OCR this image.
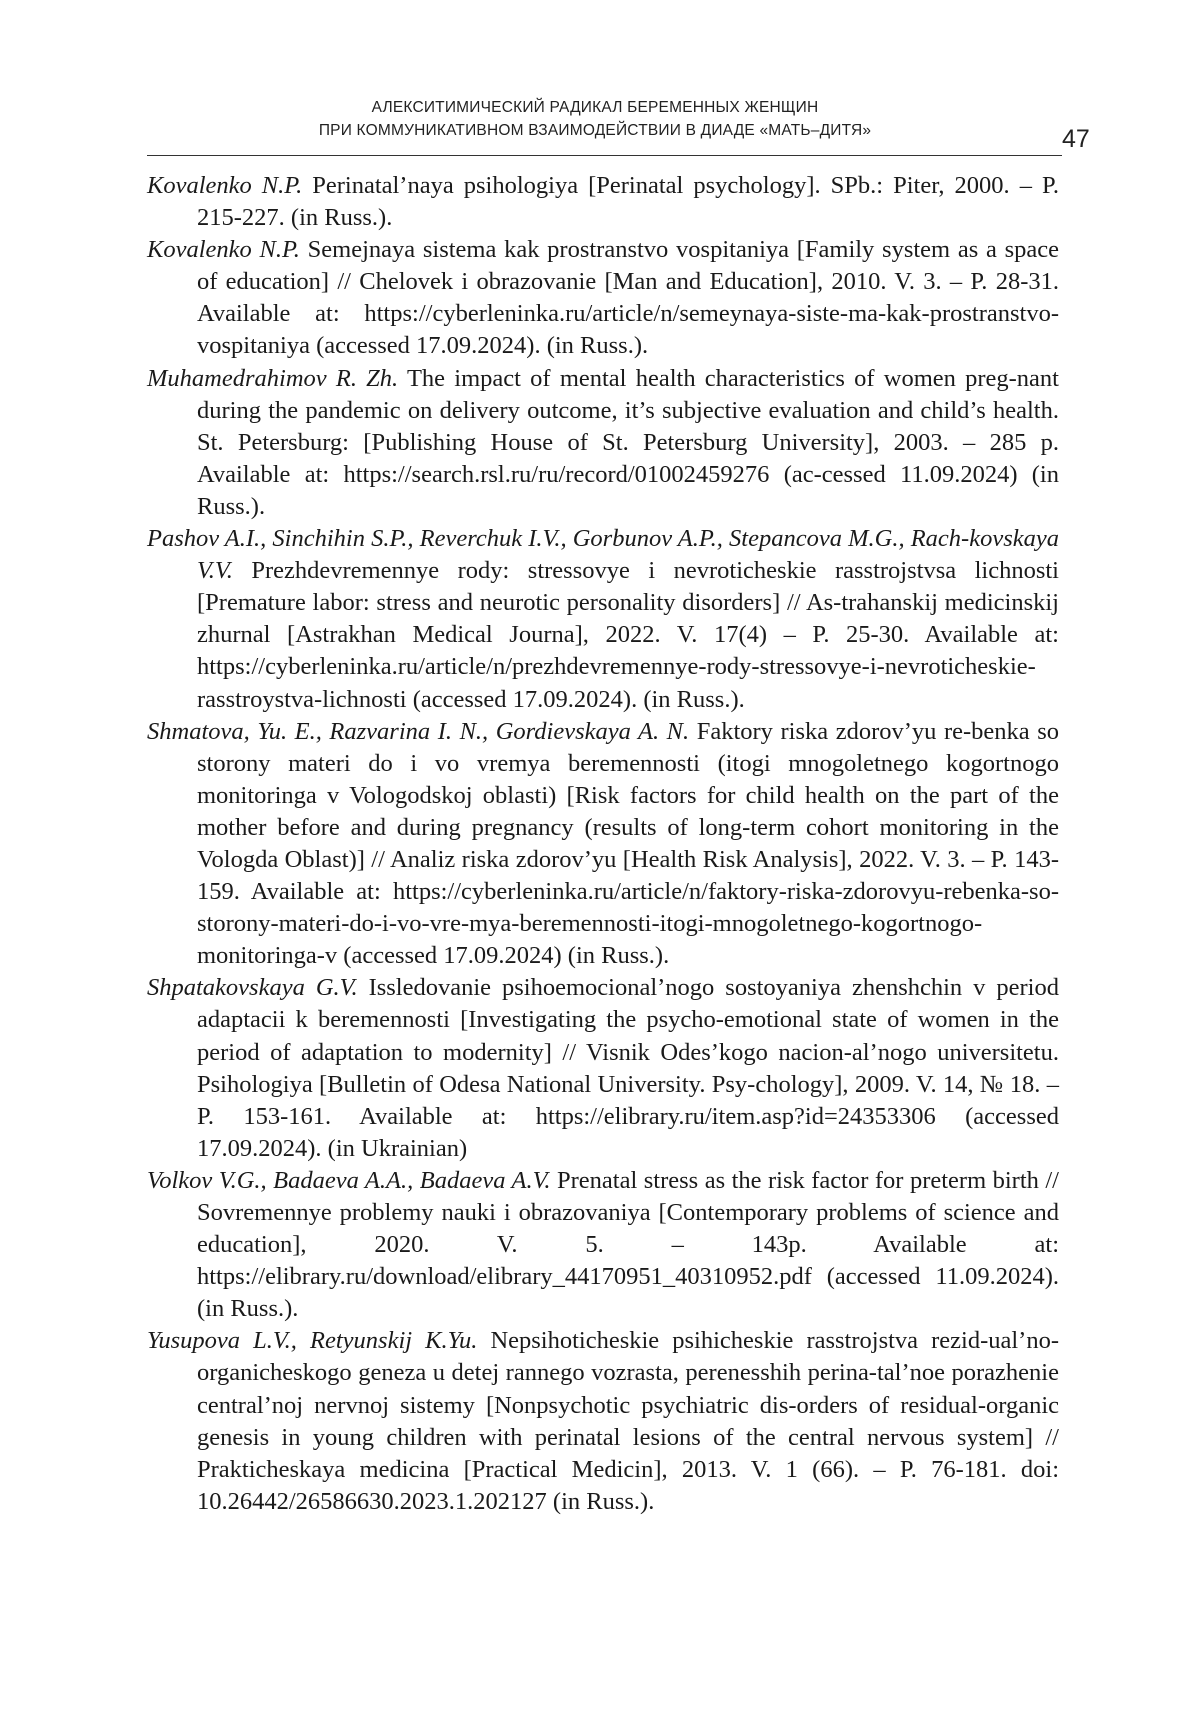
АЛЕКСИТИМИЧЕСКИЙ РАДИКАЛ БЕРЕМЕННЫХ ЖЕНЩИН
ПРИ КОММУНИКАТИВНОМ ВЗАИМОДЕЙСТВИИ В ДИАДЕ «МАТЬ–ДИТЯ»	47

Kovalenko N.P. Perinatal’naya psihologiya [Perinatal psychology]. SPb.: Piter, 2000. – P. 215-227. (in Russ.).

Kovalenko N.P. Semejnaya sistema kak prostranstvo vospitaniya [Family system as a space of education] // Chelovek i obrazovanie [Man and Education], 2010. V. 3. – P. 28-31. Available at: https://cyberleninka.ru/article/n/semeynaya-siste-ma-kak-prostranstvo-vospitaniya (accessed 17.09.2024). (in Russ.).

Muhamedrahimov R. Zh. The impact of mental health characteristics of women preg-nant during the pandemic on delivery outcome, it’s subjective evaluation and child’s health. St. Petersburg: [Publishing House of St. Petersburg University], 2003. – 285 p. Available at: https://search.rsl.ru/ru/record/01002459276 (ac-cessed 11.09.2024) (in Russ.).

Pashov A.I., Sinchihin S.P., Reverchuk I.V., Gorbunov A.P., Stepancova M.G., Rach-kovskaya V.V. Prezhdevremennye rody: stressovye i nevroticheskie rasstrojstvsa lichnosti [Premature labor: stress and neurotic personality disorders] // As-trahanskij medicinskij zhurnal [Astrakhan Medical Journa], 2022. V. 17(4) – P. 25-30. Available at: https://cyberleninka.ru/article/n/prezhdevremennye-rody-stressovye-i-nevroticheskie-rasstroystva-lichnosti (accessed 17.09.2024). (in Russ.).

Shmatova, Yu. E., Razvarina I. N., Gordievskaya A. N. Faktory riska zdorov’yu re-benka so storony materi do i vo vremya beremennosti (itogi mnogoletnego kogortnogo monitoringa v Vologodskoj oblasti) [Risk factors for child health on the part of the mother before and during pregnancy (results of long-term cohort monitoring in the Vologda Oblast)] // Analiz riska zdorov’yu [Health Risk Analysis], 2022. V. 3. – P. 143-159. Available at: https://cyberleninka.ru/article/n/faktory-riska-zdorovyu-rebenka-so-storony-materi-do-i-vo-vre-mya-beremennosti-itogi-mnogoletnego-kogortnogo-monitoringa-v (accessed 17.09.2024) (in Russ.).

Shpatakovskaya G.V. Issledovanie psihoemocional’nogo sostoyaniya zhenshchin v period adaptacii k beremennosti [Investigating the psycho-emotional state of women in the period of adaptation to modernity] // Visnik Odes’kogo nacion-al’nogo universitetu. Psihologiya [Bulletin of Odesa National University. Psy-chology], 2009. V. 14, № 18. – P. 153-161. Available at: https://elibrary.ru/item.asp?id=24353306 (accessed 17.09.2024). (in Ukrainian)

Volkov V.G., Badaeva A.A., Badaeva A.V. Prenatal stress as the risk factor for preterm birth // Sovremennye problemy nauki i obrazovaniya [Contemporary problems of science and education], 2020. V. 5. – 143p. Available at: https://elibrary.ru/download/elibrary_44170951_40310952.pdf (accessed 11.09.2024). (in Russ.).

Yusupova L.V., Retyunskij K.Yu. Nepsihoticheskie psihicheskie rasstrojstva rezid-ual’no-organicheskogo geneza u detej rannego vozrasta, perenesshih perina-tal’noe porazhenie central’noj nervnoj sistemy [Nonpsychotic psychiatric dis-orders of residual-organic genesis in young children with perinatal lesions of the central nervous system] // Prakticheskaya medicina [Practical Medicin], 2013. V. 1 (66). – P. 76-181. doi: 10.26442/26586630.2023.1.202127 (in Russ.).
